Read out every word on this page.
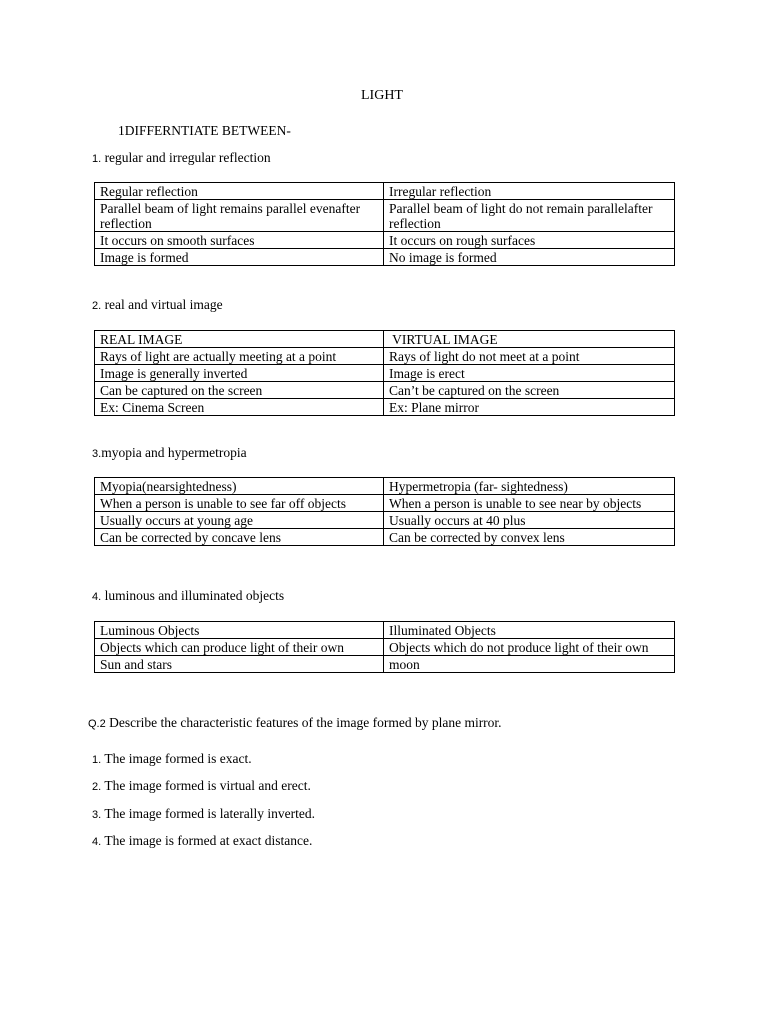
LIGHT
1DIFFERNTIATE BETWEEN-
1. regular and irregular reflection
Regular reflection	Irregular reflection
Parallel beam of light remains parallel evenafter reflection	Parallel beam of light do not remain parallelafter reflection
It occurs on smooth surfaces	It occurs on rough surfaces
Image is formed	No image is formed
2. real and virtual image
REAL IMAGE	VIRTUAL IMAGE
Rays of light are actually meeting at a point	Rays of light do not meet at a point
Image is generally inverted	Image is erect
Can be captured on the screen	Can’t be captured on the screen
Ex: Cinema Screen	Ex: Plane mirror
3.myopia and hypermetropia
Myopia(nearsightedness)	Hypermetropia (far- sightedness)
When a person is unable to see far off objects	When a person is unable to see near by objects
Usually occurs at young age	Usually occurs at 40 plus
Can be corrected by concave lens	Can be corrected by convex lens
4. luminous and illuminated objects
Luminous Objects	Illuminated Objects
Objects which can produce light of their own	Objects which do not produce light of their own
Sun and stars	moon
Q.2 Describe the characteristic features of the image formed by plane mirror.
1. The image formed is exact.
2. The image formed is virtual and erect.
3. The image formed is laterally inverted.
4. The image is formed at exact distance.
